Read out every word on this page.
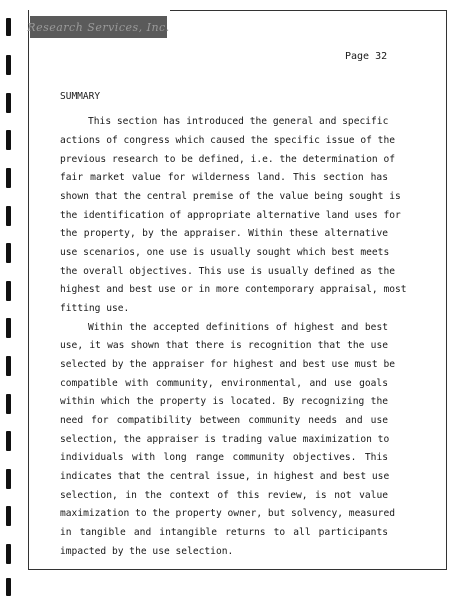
Research Services, Inc.
Page 32
SUMMARY
This section has introduced the general and specific
actions of congress which caused the specific issue of the
previous research to be defined, i.e. the determination of
fair market value for wilderness land. This section has
shown that the central premise of the value being sought is
the identification of appropriate alternative land uses for
the property, by the appraiser. Within these alternative
use scenarios, one use is usually sought which best meets
the overall objectives. This use is usually defined as the
highest and best use or in more contemporary appraisal, most
fitting use.
Within the accepted definitions of highest and best
use, it was shown that there is recognition that the use
selected by the appraiser for highest and best use must be
compatible with community, environmental, and use goals
within which the property is located. By recognizing the
need for compatibility between community needs and use
selection, the appraiser is trading value maximization to
individuals with long range community objectives. This
indicates that the central issue, in highest and best use
selection, in the context of this review, is not value
maximization to the property owner, but solvency, measured
in tangible and intangible returns to all participants
impacted by the use selection.
